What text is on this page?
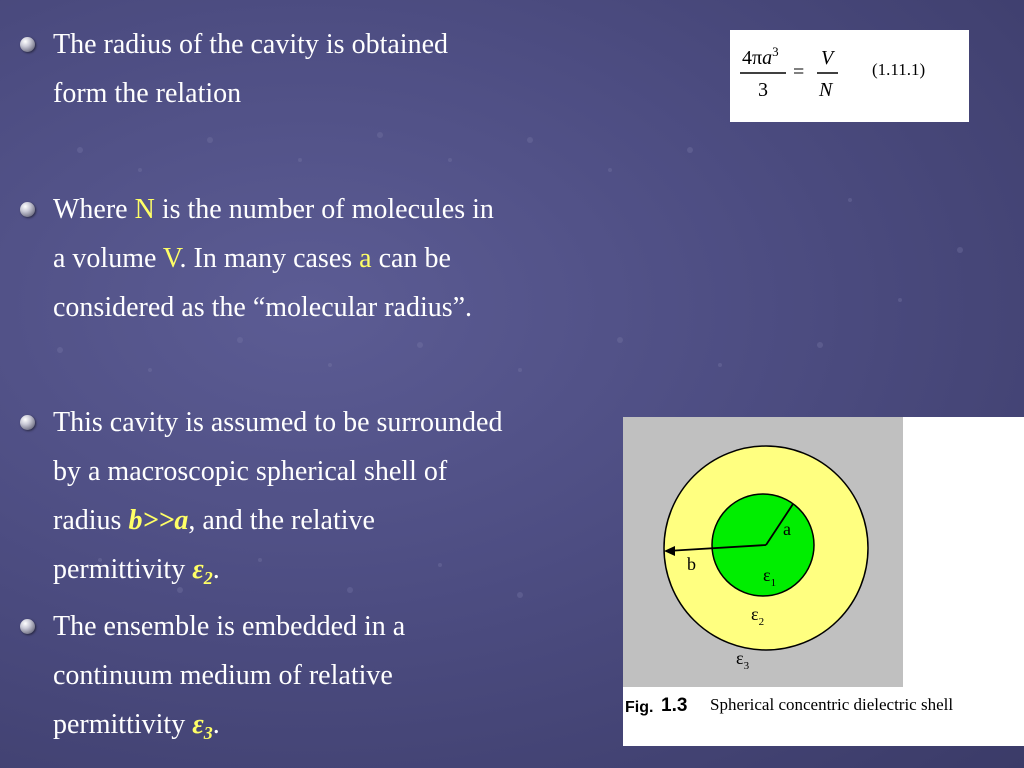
The radius of the cavity is obtained
form the relation
Where N is the number of molecules in
a volume V. In many cases a can be
considered as the “molecular radius”.
This cavity is assumed to be surrounded
by a macroscopic spherical shell of
radius b>>a, and the relative
permittivity $\varepsilon_2$.
The ensemble is embedded in a
continuum medium of relative
permittivity $\varepsilon_3$.
$4\pi a^3$
3
=
V
N
(1.11.1)
a
b
$\varepsilon_1$
$\varepsilon_2$
$\varepsilon_3$
Fig. 1.3 Spherical concentric dielectric shell
